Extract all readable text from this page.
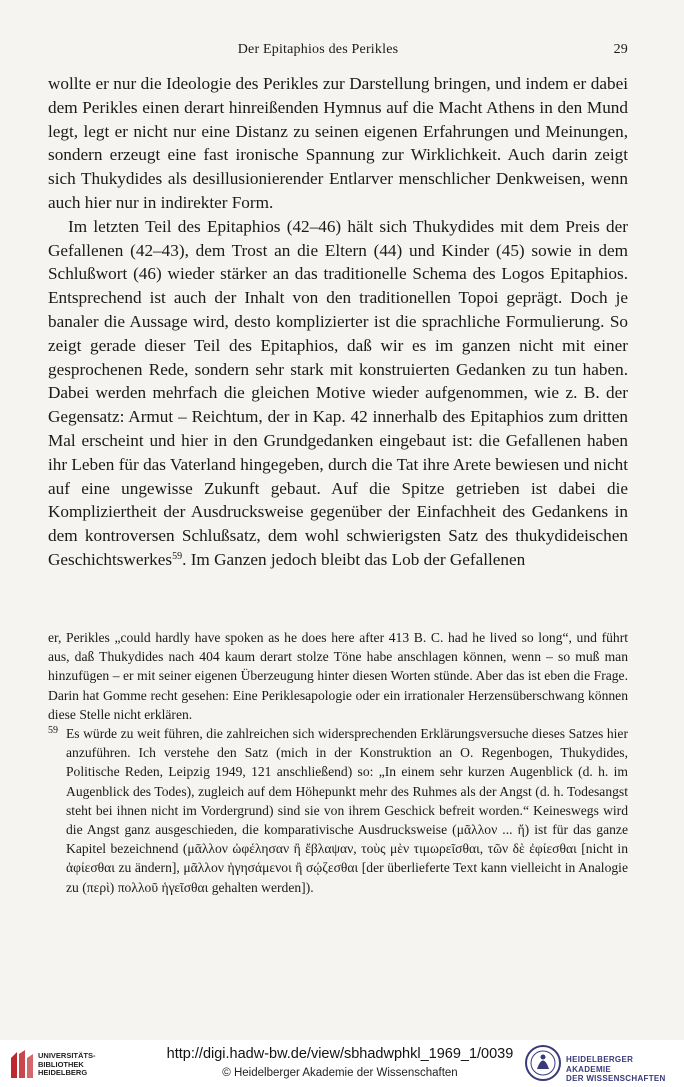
Der Epitaphios des Perikles	29

wollte er nur die Ideologie des Perikles zur Darstellung bringen, und indem er dabei dem Perikles einen derart hinreißenden Hymnus auf die Macht Athens in den Mund legt, legt er nicht nur eine Distanz zu seinen eigenen Erfahrungen und Meinungen, sondern erzeugt eine fast ironische Spannung zur Wirklichkeit. Auch darin zeigt sich Thukydides als desillusionierender Entlarver menschlicher Denkweisen, wenn auch hier nur in indirekter Form.

Im letzten Teil des Epitaphios (42–46) hält sich Thukydides mit dem Preis der Gefallenen (42–43), dem Trost an die Eltern (44) und Kinder (45) sowie in dem Schlußwort (46) wieder stärker an das traditionelle Schema des Logos Epitaphios. Entsprechend ist auch der Inhalt von den traditionellen Topoi geprägt. Doch je banaler die Aussage wird, desto komplizierter ist die sprachliche Formulierung. So zeigt gerade dieser Teil des Epitaphios, daß wir es im ganzen nicht mit einer gesprochenen Rede, sondern sehr stark mit konstruierten Gedanken zu tun haben. Dabei werden mehrfach die gleichen Motive wieder aufgenommen, wie z. B. der Gegensatz: Armut – Reichtum, der in Kap. 42 innerhalb des Epitaphios zum dritten Mal erscheint und hier in den Grundgedanken eingebaut ist: die Gefallenen haben ihr Leben für das Vaterland hingegeben, durch die Tat ihre Arete bewiesen und nicht auf eine ungewisse Zukunft gebaut. Auf die Spitze getrieben ist dabei die Kompliziertheit der Ausdrucksweise gegenüber der Einfachheit des Gedankens in dem kontroversen Schlußsatz, dem wohl schwierigsten Satz des thukydideischen Geschichtswerkes$^{59}$. Im Ganzen jedoch bleibt das Lob der Gefallenen

er, Perikles „could hardly have spoken as he does here after 413 B. C. had he lived so long“, und führt aus, daß Thukydides nach 404 kaum derart stolze Töne habe anschlagen können, wenn – so muß man hinzufügen – er mit seiner eigenen Überzeugung hinter diesen Worten stünde. Aber das ist eben die Frage. Darin hat Gomme recht gesehen: Eine Periklesapologie oder ein irrationaler Herzensüberschwang können diese Stelle nicht erklären.

59 Es würde zu weit führen, die zahlreichen sich widersprechenden Erklärungsversuche dieses Satzes hier anzuführen. Ich verstehe den Satz (mich in der Konstruktion an O. Regenbogen, Thukydides, Politische Reden, Leipzig 1949, 121 anschließend) so: „In einem sehr kurzen Augenblick (d. h. im Augenblick des Todes), zugleich auf dem Höhepunkt mehr des Ruhmes als der Angst (d. h. Todesangst steht bei ihnen nicht im Vordergrund) sind sie von ihrem Geschick befreit worden.“ Keineswegs wird die Angst ganz ausgeschieden, die komparativische Ausdrucksweise (μᾶλλον ... ἤ) ist für das ganze Kapitel bezeichnend (μᾶλλον ὠφέλησαν ἢ ἔβλαψαν, τοὺς μὲν τιμωρεῖσθαι, τῶν δὲ ἐφίεσθαι [nicht in ἀφίεσθαι zu ändern], μᾶλλον ἡγησάμενοι ἢ σῴζεσθαι [der überlieferte Text kann vielleicht in Analogie zu (περὶ) πολλοῦ ἡγεῖσθαι gehalten werden]).

UNIVERSITÄTS-
BIBLIOTHEK
HEIDELBERG
http://digi.hadw-bw.de/view/sbhadwphkl_1969_1/0039
© Heidelberger Akademie der Wissenschaften
HEIDELBERGER AKADEMIE
DER WISSENSCHAFTEN
